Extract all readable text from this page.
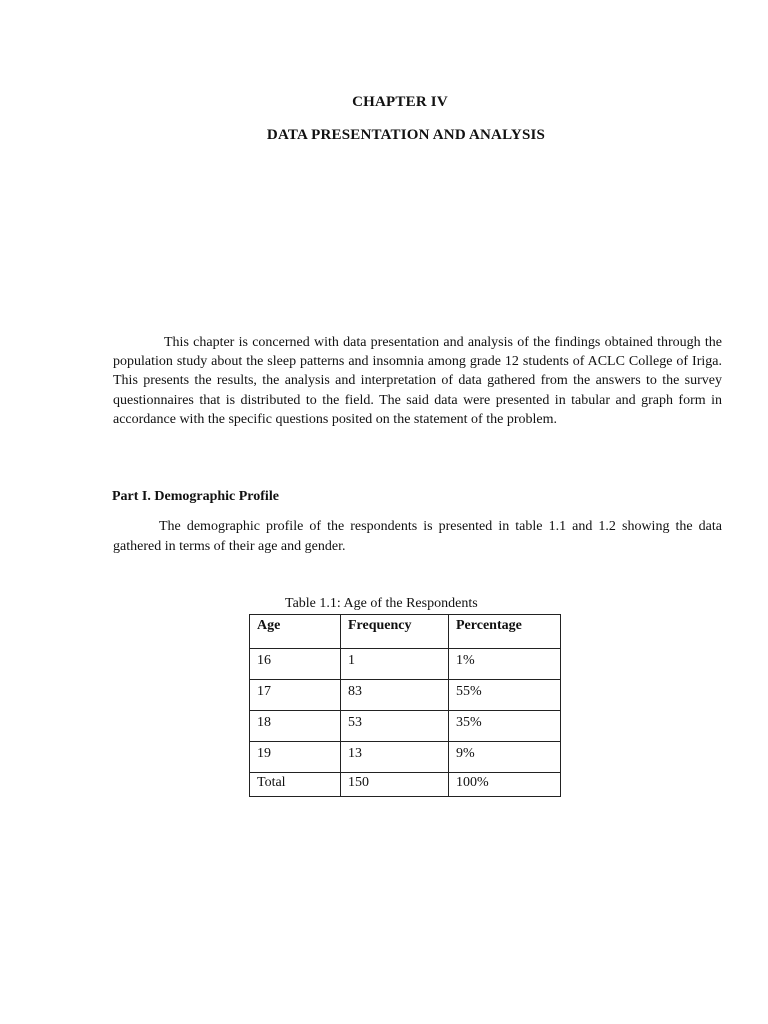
CHAPTER IV
DATA PRESENTATION AND ANALYSIS

This chapter is concerned with data presentation and analysis of the findings obtained through the population study about the sleep patterns and insomnia among grade 12 students of ACLC College of Iriga. This presents the results, the analysis and interpretation of data gathered from the answers to the survey questionnaires that is distributed to the field. The said data were presented in tabular and graph form in accordance with the specific questions posited on the statement of the problem.

Part I. Demographic Profile

The demographic profile of the respondents is presented in table 1.1 and 1.2 showing the data gathered in terms of their age and gender.

Table 1.1: Age of the Respondents

Age	Frequency	Percentage
16	1	1%
17	83	55%
18	53	35%
19	13	9%
Total	150	100%
